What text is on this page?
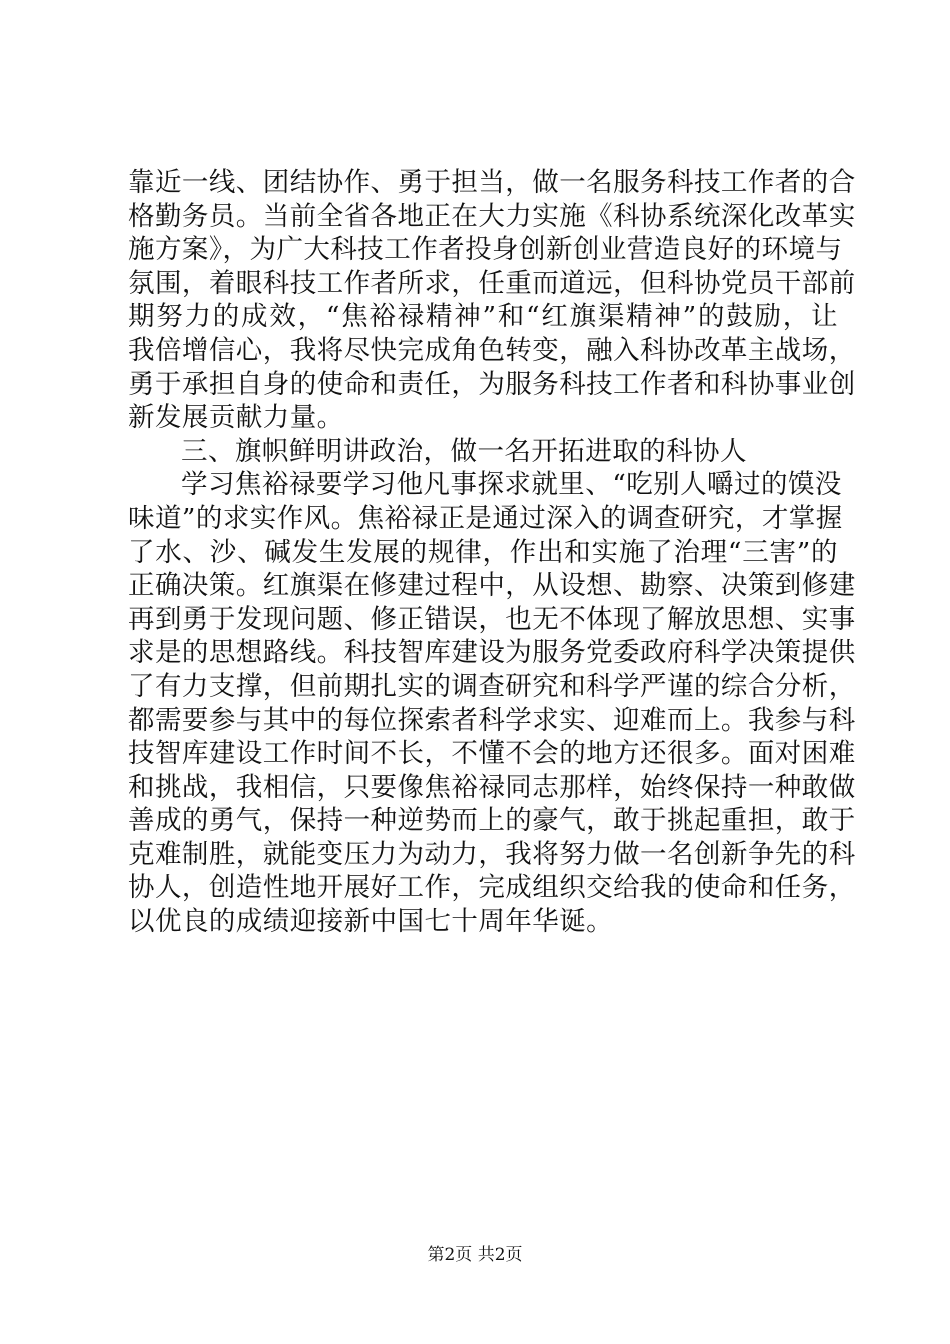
靠近一线、团结协作、勇于担当，做一名服务科技工作者的合
格勤务员。当前全省各地正在大力实施《科协系统深化改革实
施方案》，为广大科技工作者投身创新创业营造良好的环境与
氛围，着眼科技工作者所求，任重而道远，但科协党员干部前
期努力的成效，“焦裕禄精神”和“红旗渠精神”的鼓励，让
我倍增信心，我将尽快完成角色转变，融入科协改革主战场，
勇于承担自身的使命和责任，为服务科技工作者和科协事业创
新发展贡献力量。
三、旗帜鲜明讲政治，做一名开拓进取的科协人
学习焦裕禄要学习他凡事探求就里、“吃别人嚼过的馍没
味道”的求实作风。焦裕禄正是通过深入的调查研究，才掌握
了水、沙、碱发生发展的规律，作出和实施了治理“三害”的
正确决策。红旗渠在修建过程中，从设想、勘察、决策到修建
再到勇于发现问题、修正错误，也无不体现了解放思想、实事
求是的思想路线。科技智库建设为服务党委政府科学决策提供
了有力支撑，但前期扎实的调查研究和科学严谨的综合分析，
都需要参与其中的每位探索者科学求实、迎难而上。我参与科
技智库建设工作时间不长，不懂不会的地方还很多。面对困难
和挑战，我相信，只要像焦裕禄同志那样，始终保持一种敢做
善成的勇气，保持一种逆势而上的豪气，敢于挑起重担，敢于
克难制胜，就能变压力为动力，我将努力做一名创新争先的科
协人，创造性地开展好工作，完成组织交给我的使命和任务，
以优良的成绩迎接新中国七十周年华诞。
第2页 共2页
